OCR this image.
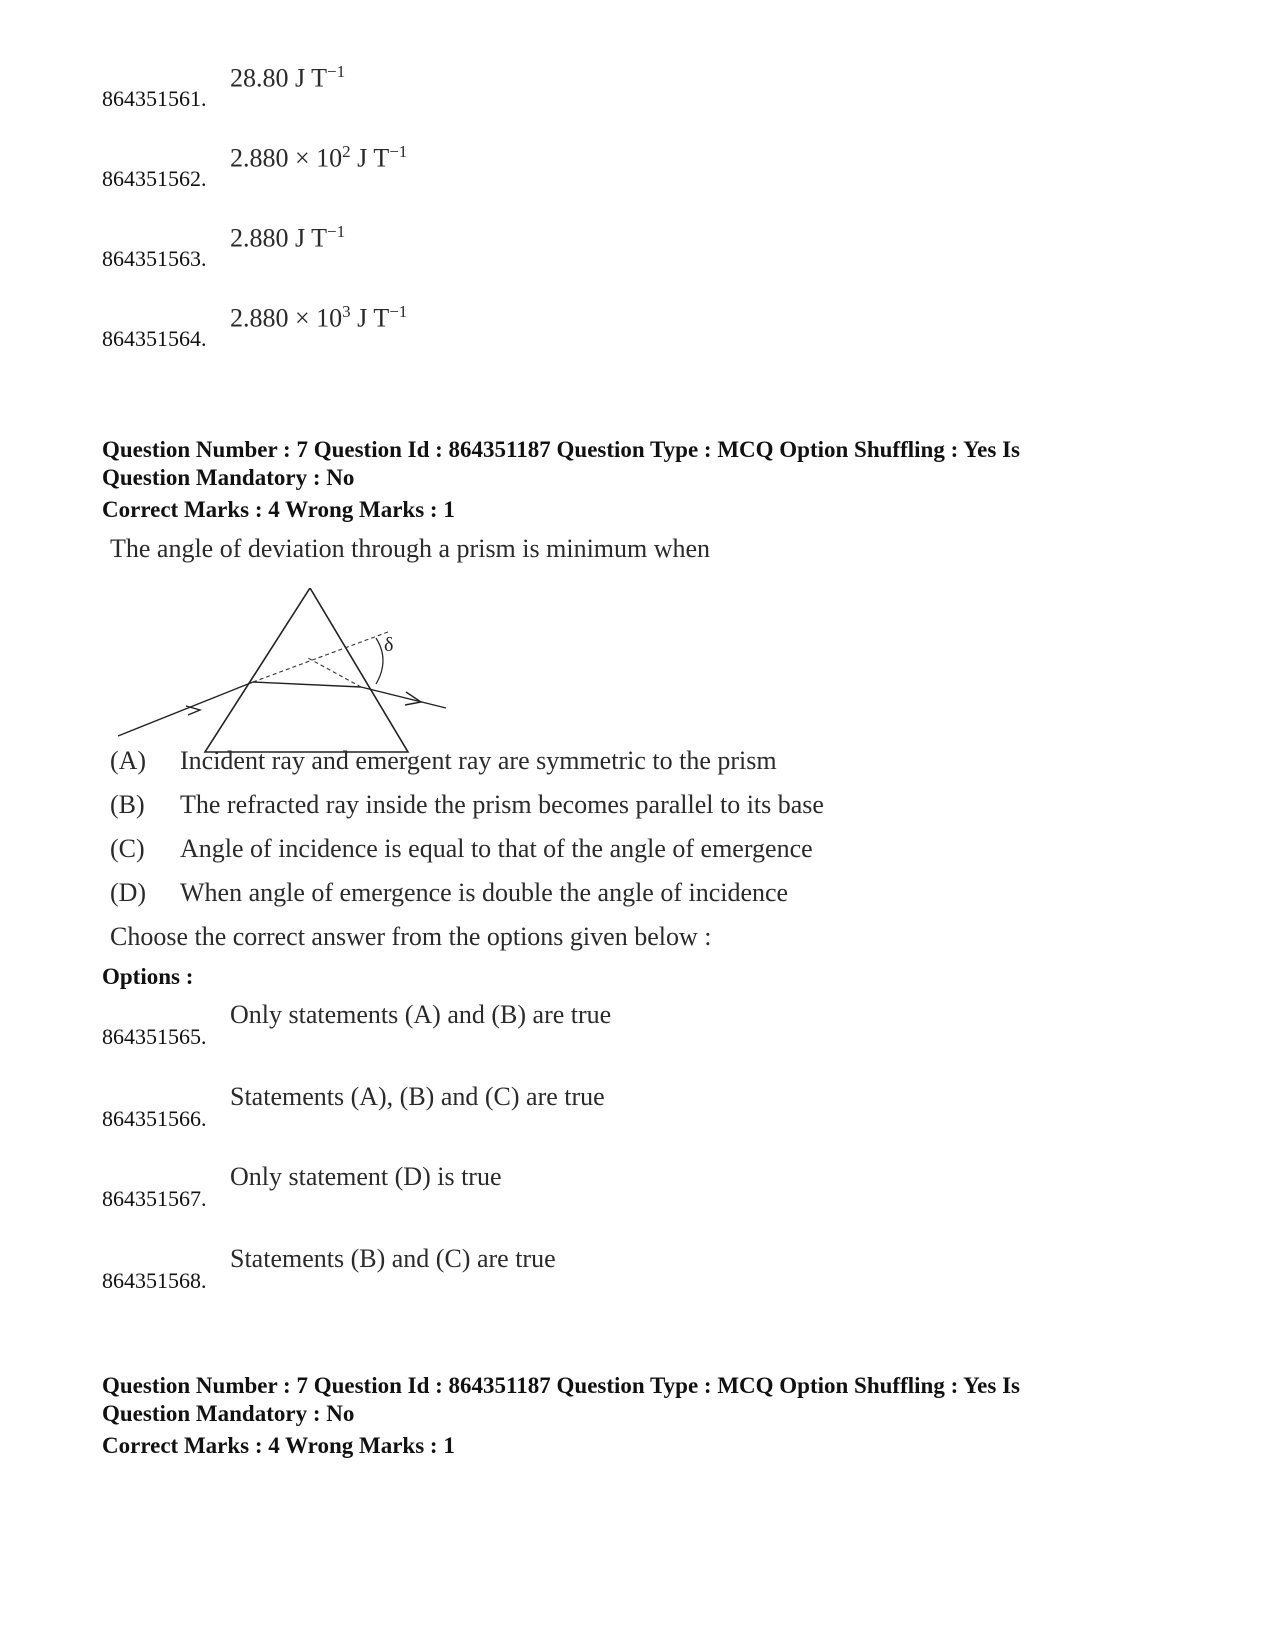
864351561.
28.80 J $T^{-1}$
864351562.
$2.880 \times 10^2$ J $T^{-1}$
864351563.
2.880 J $T^{-1}$
864351564.
$2.880 \times 10^3$ J $T^{-1}$
Question Number : 7 Question Id : 864351187 Question Type : MCQ Option Shuffling : Yes Is
Question Mandatory : No
Correct Marks : 4 Wrong Marks : 1
The angle of deviation through a prism is minimum when
δ
(A) Incident ray and emergent ray are symmetric to the prism
(B) The refracted ray inside the prism becomes parallel to its base
(C) Angle of incidence is equal to that of the angle of emergence
(D) When angle of emergence is double the angle of incidence
Choose the correct answer from the options given below :
Options :
864351565.
Only statements (A) and (B) are true
864351566.
Statements (A), (B) and (C) are true
864351567.
Only statement (D) is true
864351568.
Statements (B) and (C) are true
Question Number : 7 Question Id : 864351187 Question Type : MCQ Option Shuffling : Yes Is
Question Mandatory : No
Correct Marks : 4 Wrong Marks : 1
